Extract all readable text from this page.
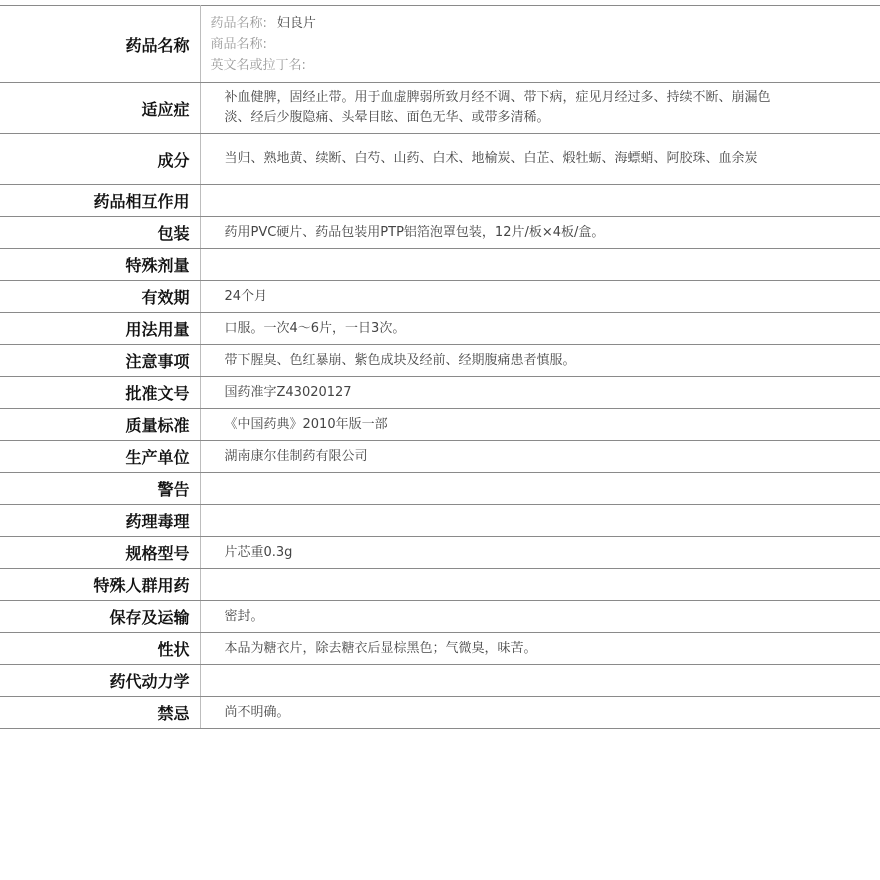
药品名称	药品名称: 妇良片
商品名称:
英文名或拉丁名:

适应症	补血健脾，固经止带。用于血虚脾弱所致月经不调、带下病，症见月经过多、持续不断、崩漏色淡、经后少腹隐痛、头晕目眩、面色无华、或带多清稀。
成分	当归、熟地黄、续断、白芍、山药、白术、地榆炭、白芷、煅牡蛎、海螵蛸、阿胶珠、血余炭
药品相互作用	
包装	药用PVC硬片、药品包装用PTP铝箔泡罩包装，12片/板×4板/盒。
特殊剂量	
有效期	24个月
用法用量	口服。一次4～6片，一日3次。
注意事项	带下腥臭、色红暴崩、紫色成块及经前、经期腹痛患者慎服。
批准文号	国药准字Z43020127
质量标准	《中国药典》2010年版一部
生产单位	湖南康尔佳制药有限公司
警告	
药理毒理	
规格型号	片芯重0.3g
特殊人群用药	
保存及运输	密封。
性状	本品为糖衣片，除去糖衣后显棕黑色；气微臭，味苦。
药代动力学	
禁忌	尚不明确。
